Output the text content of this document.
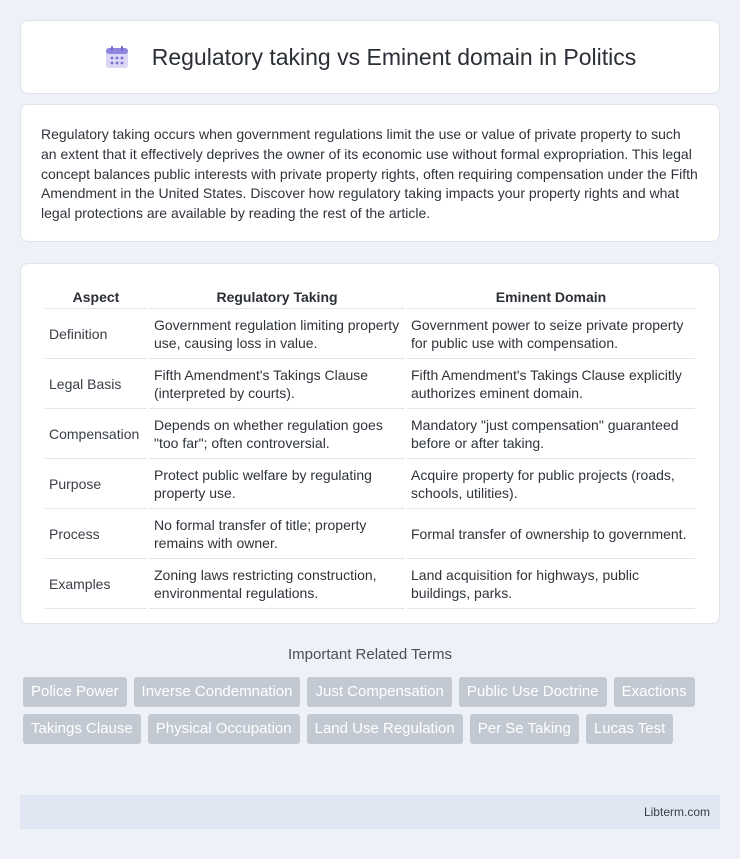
Regulatory taking vs Eminent domain in Politics

Regulatory taking occurs when government regulations limit the use or value of private property to such an extent that it effectively deprives the owner of its economic use without formal expropriation. This legal concept balances public interests with private property rights, often requiring compensation under the Fifth Amendment in the United States. Discover how regulatory taking impacts your property rights and what legal protections are available by reading the rest of the article.

Aspect	Regulatory Taking	Eminent Domain
Definition	Government regulation limiting property use, causing loss in value.	Government power to seize private property for public use with compensation.
Legal Basis	Fifth Amendment's Takings Clause (interpreted by courts).	Fifth Amendment's Takings Clause explicitly authorizes eminent domain.
Compensation	Depends on whether regulation goes "too far"; often controversial.	Mandatory "just compensation" guaranteed before or after taking.
Purpose	Protect public welfare by regulating property use.	Acquire property for public projects (roads, schools, utilities).
Process	No formal transfer of title; property remains with owner.	Formal transfer of ownership to government.
Examples	Zoning laws restricting construction, environmental regulations.	Land acquisition for highways, public buildings, parks.
Important Related Terms
Police Power	Inverse Condemnation	Just Compensation	Public Use Doctrine	Exactions
Takings Clause	Physical Occupation	Land Use Regulation	Per Se Taking	Lucas Test
Libterm.com
